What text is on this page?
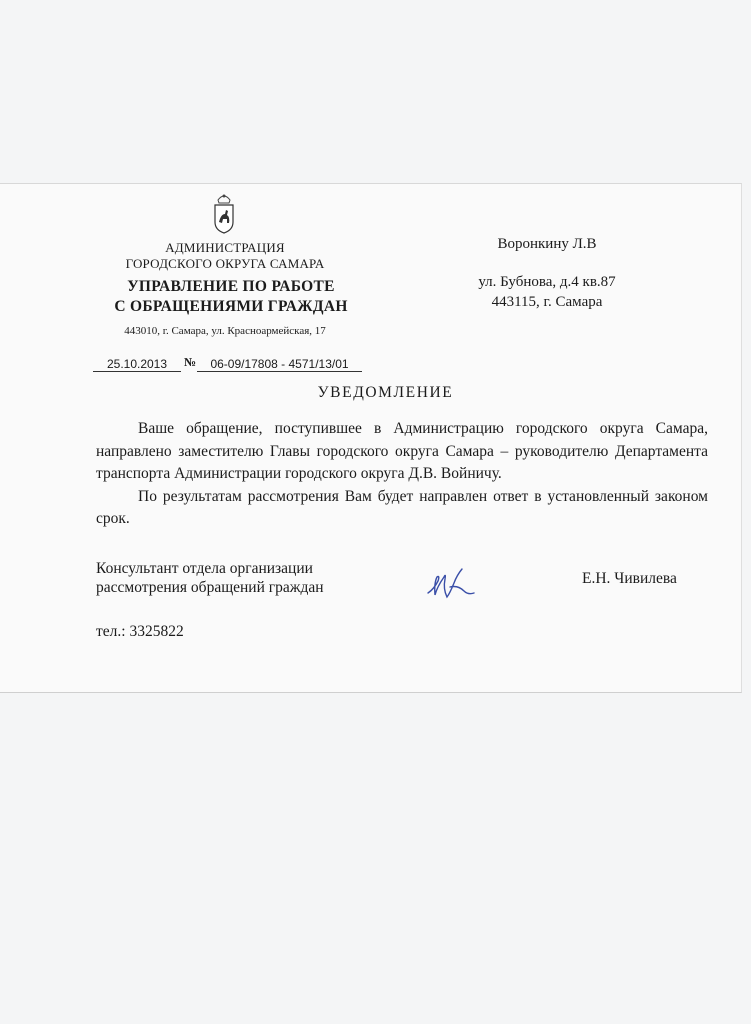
АДМИНИСТРАЦИЯ
ГОРОДСКОГО ОКРУГА САМАРА
УПРАВЛЕНИЕ ПО РАБОТЕ
С ОБРАЩЕНИЯМИ ГРАЖДАН
443010, г. Самара, ул. Красноармейская, 17
25.10.2013	№	06-09/17808 - 4571/13/01
Воронкину Л.В
ул. Бубнова, д.4 кв.87
443115, г. Самара
УВЕДОМЛЕНИЕ

Ваше обращение, поступившее в Администрацию городского округа Самара, направлено заместителю Главы городского округа Самара – руководителю Департамента транспорта Администрации городского округа Д.В. Войничу.

По результатам рассмотрения Вам будет направлен ответ в установленный законом срок.

Консультант отдела организации
рассмотрения обращений граждан
Е.Н. Чивилева
тел.: 3325822
